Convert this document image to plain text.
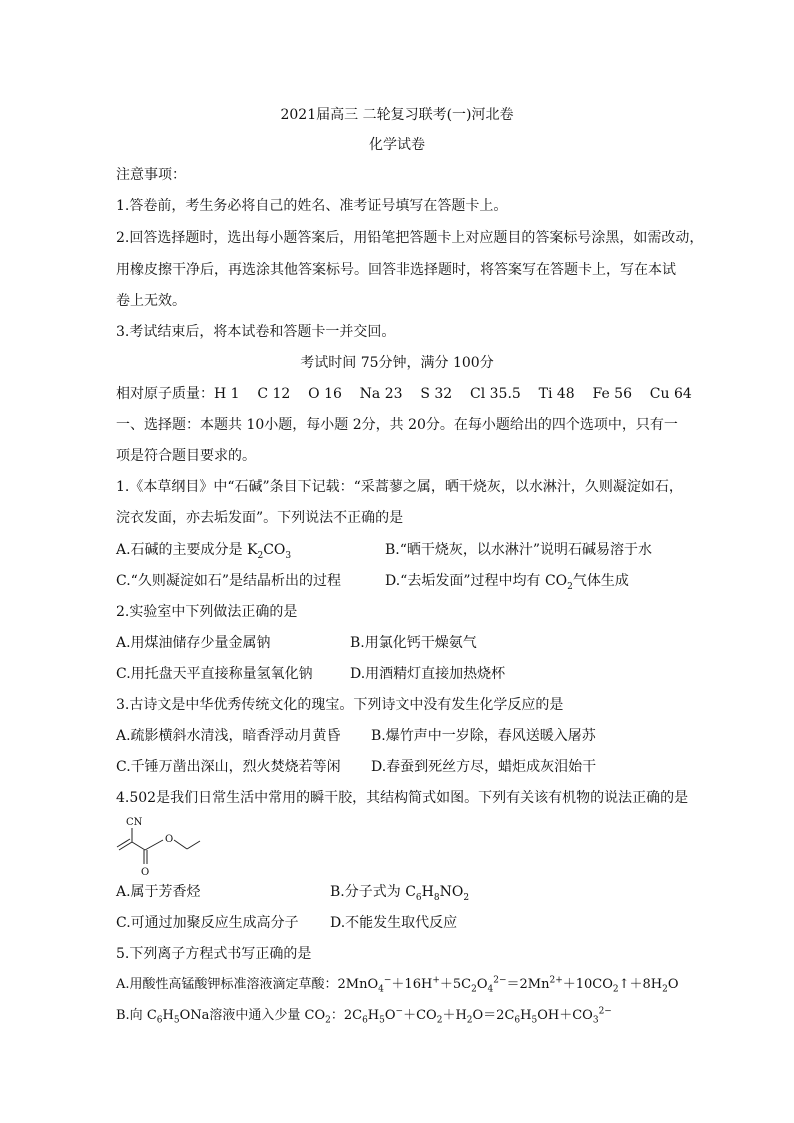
2021届高三 二轮复习联考(一)河北卷
化学试卷
注意事项：
1.答卷前，考生务必将自己的姓名、准考证号填写在答题卡上。
2.回答选择题时，选出每小题答案后，用铅笔把答题卡上对应题目的答案标号涂黑，如需改动，
用橡皮擦干净后，再选涂其他答案标号。回答非选择题时，将答案写在答题卡上，写在本试
卷上无效。
3.考试结束后，将本试卷和答题卡一并交回。
考试时间 75分钟，满分 100分
相对原子质量：H 1    C 12    O 16    Na 23    S 32    Cl 35.5    Ti 48    Fe 56    Cu 64
一、选择题：本题共 10小题，每小题 2分，共 20分。在每小题给出的四个选项中，只有一
项是符合题目要求的。
1.《本草纲目》中“石碱”条目下记载：“采蒿蓼之属，晒干烧灰，以水淋汁，久则凝淀如石，
浣衣发面，亦去垢发面”。下列说法不正确的是
A.石碱的主要成分是 $K_2CO_3$	B.“晒干烧灰，以水淋汁”说明石碱易溶于水
C.“久则凝淀如石”是结晶析出的过程	D.“去垢发面”过程中均有 $CO_2$气体生成
2.实验室中下列做法正确的是
A.用煤油储存少量金属钠	B.用氯化钙干燥氨气
C.用托盘天平直接称量氢氧化钠	D.用酒精灯直接加热烧杯
3.古诗文是中华优秀传统文化的瑰宝。下列诗文中没有发生化学反应的是
A.疏影横斜水清浅，暗香浮动月黄昏 B.爆竹声中一岁除，春风送暖入屠苏
C.千锤万凿出深山，烈火焚烧若等闲 D.春蚕到死丝方尽，蜡炬成灰泪始干

4.502是我们日常生活中常用的瞬干胶，其结构简式如图。下列有关该有机物的说法正确的是
CN
O
O
A.属于芳香烃	B.分子式为 $C_6H_8NO_2$
C.可通过加聚反应生成高分子 D.不能发生取代反应
5.下列离子方程式书写正确的是
A.用酸性高锰酸钾标准溶液滴定草酸：$2MnO_4^-+16H^++5C_2O_4^{2-}=2Mn^{2+}+10CO_2↑+8H_2O$
B.向 $C_6H_5ONa$溶液中通入少量 $CO_2$：$2C_6H_5O^-+CO_2+H_2O=2C_6H_5OH+CO_3^{2-}$
